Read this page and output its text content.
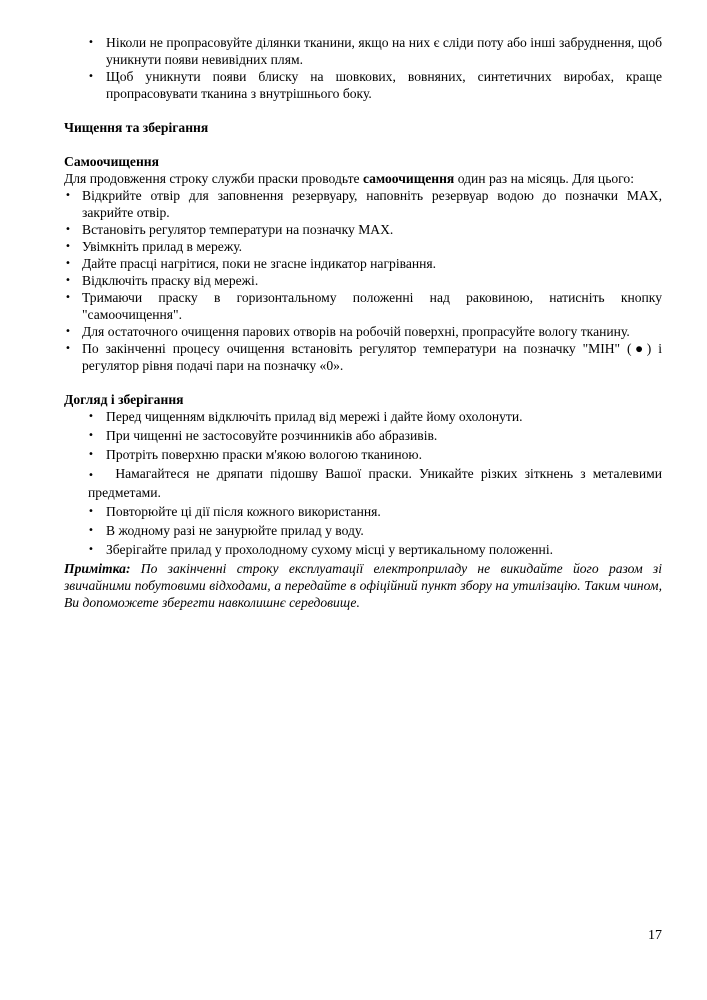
• Ніколи не пропрасовуйте ділянки тканини, якщо на них є сліди поту або інші забруднення, щоб уникнути появи невивідних плям.
• Щоб уникнути появи блиску на шовкових, вовняних, синтетичних виробах, краще пропрасовувати тканина з внутрішнього боку.
Чищення та зберігання
Самоочищення
Для продовження строку служби праски проводьте самоочищення один раз на місяць. Для цього:
• Відкрийте отвір для заповнення резервуару, наповніть резервуар водою до позначки MAX, закрийте отвір.
• Встановіть регулятор температури на позначку MAX.
• Увімкніть прилад в мережу.
• Дайте прасці нагрітися, поки не згасне індикатор нагрівання.
• Відключіть праску від мережі.
• Тримаючи праску в горизонтальному положенні над раковиною, натисніть кнопку "самоочищення".
• Для остаточного очищення парових отворів на робочій поверхні, пропрасуйте вологу тканину.
• По закінченні процесу очищення встановіть регулятор температури на позначку "МІН" (●) і регулятор рівня подачі пари на позначку «0».
Догляд і зберігання
• Перед чищенням відключіть прилад від мережі і дайте йому охолонути.
• При чищенні не застосовуйте розчинників або абразивів.
• Протріть поверхню праски м'якою вологою тканиною.
• Намагайтеся не дряпати підошву Вашої праски. Уникайте різких зіткнень з металевими предметами.
• Повторюйте ці дії після кожного використання.
• В жодному разі не занурюйте прилад у воду.
• Зберігайте прилад у прохолодному сухому місці у вертикальному положенні.
Примітка: По закінченні строку експлуатації електроприладу не викидайте його разом зі звичайними побутовими відходами, а передайте в офіційний пункт збору на утилізацію. Таким чином, Ви допоможете зберегти навколишнє середовище.
17
